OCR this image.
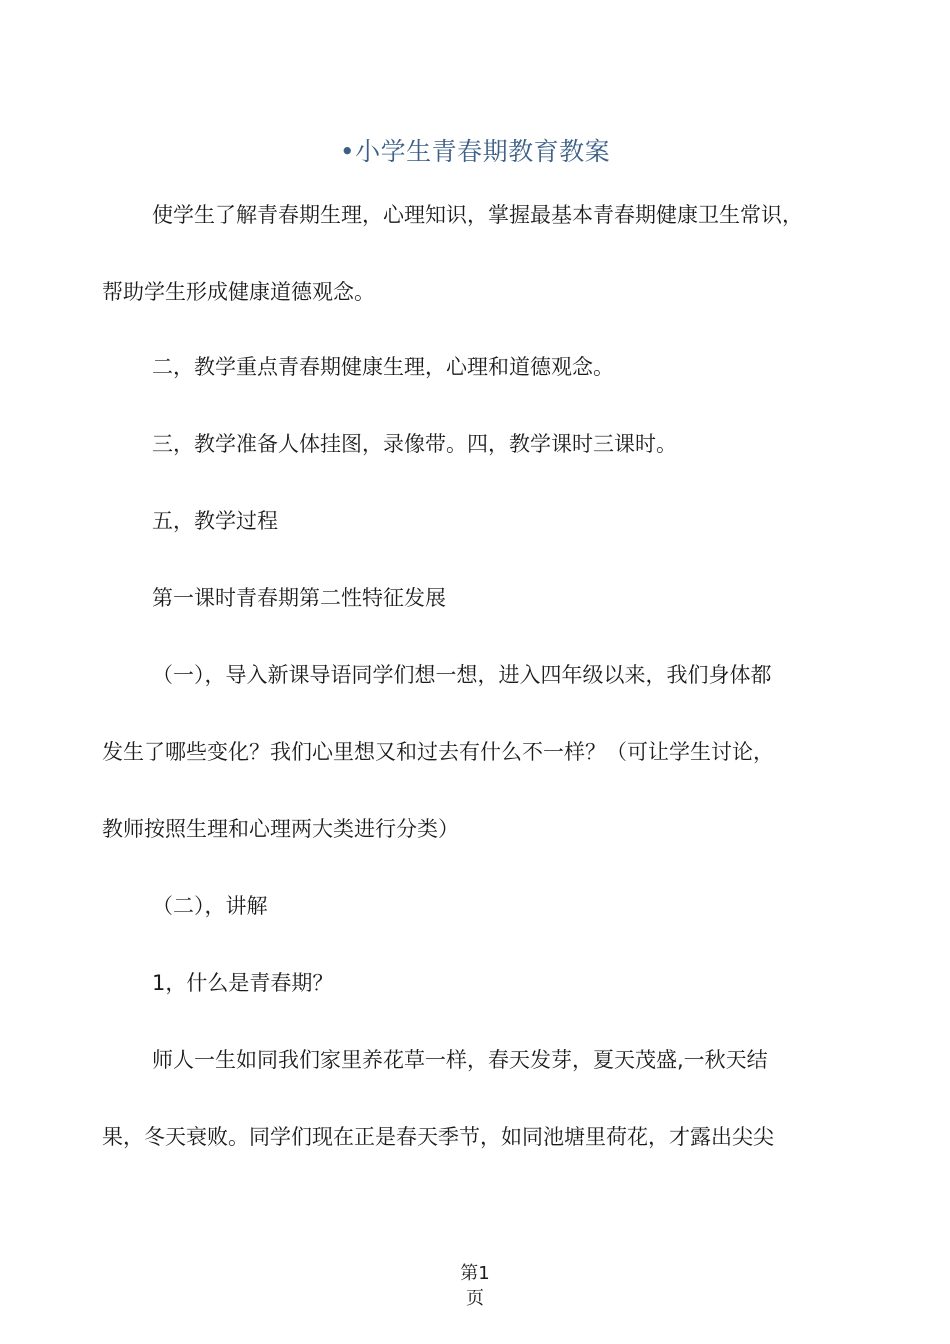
•小学生青春期教育教案
使学生了解青春期生理，心理知识，掌握最基本青春期健康卫生常识，
帮助学生形成健康道德观念。
二，教学重点青春期健康生理，心理和道德观念。
三，教学准备人体挂图，录像带。四，教学课时三课时。
五，教学过程
第一课时青春期第二性特征发展
（一），导入新课导语同学们想一想，进入四年级以来，我们身体都
发生了哪些变化？我们心里想又和过去有什么不一样？（可让学生讨论，
教师按照生理和心理两大类进行分类）
（二），讲解
1，什么是青春期？
师人一生如同我们家里养花草一样，春天发芽，夏天茂盛,一秋天结
果，冬天衰败。同学们现在正是春天季节，如同池塘里荷花，才露出尖尖
第1
页
